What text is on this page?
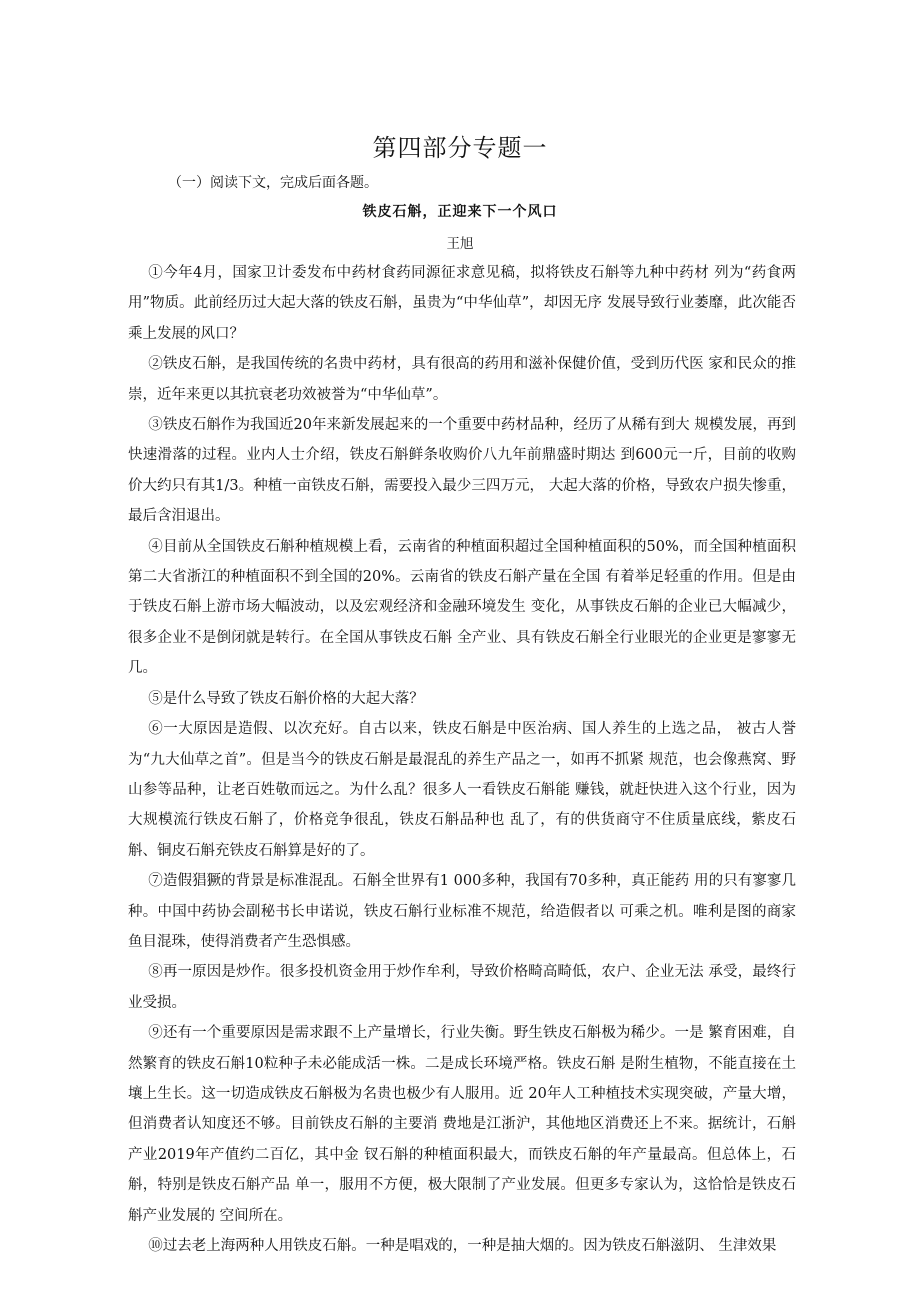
第四部分专题一
（一）阅读下文，完成后面各题。
铁皮石斛，正迎来下一个风口
王旭

①今年4月，国家卫计委发布中药材食药同源征求意见稿，拟将铁皮石斛等九种中药材 列为“药食两用”物质。此前经历过大起大落的铁皮石斛，虽贵为“中华仙草”，却因无序 发展导致行业萎靡，此次能否乘上发展的风口？

②铁皮石斛，是我国传统的名贵中药材，具有很高的药用和滋补保健价值，受到历代医 家和民众的推崇，近年来更以其抗衰老功效被誉为“中华仙草”。

③铁皮石斛作为我国近20年来新发展起来的一个重要中药材品种，经历了从稀有到大 规模发展，再到快速滑落的过程。业内人士介绍，铁皮石斛鲜条收购价八九年前鼎盛时期达 到600元一斤，目前的收购价大约只有其1/3。种植一亩铁皮石斛，需要投入最少三四万元， 大起大落的价格，导致农户损失惨重，最后含泪退出。

④目前从全国铁皮石斛种植规模上看，云南省的种植面积超过全国种植面积的50%，而全国种植面积第二大省浙江的种植面积不到全国的20%。云南省的铁皮石斛产量在全国 有着举足轻重的作用。但是由于铁皮石斛上游市场大幅波动，以及宏观经济和金融环境发生 变化，从事铁皮石斛的企业已大幅减少，很多企业不是倒闭就是转行。在全国从事铁皮石斛 全产业、具有铁皮石斛全行业眼光的企业更是寥寥无几。

⑤是什么导致了铁皮石斛价格的大起大落？

⑥一大原因是造假、以次充好。自古以来，铁皮石斛是中医治病、国人养生的上选之品， 被古人誉为“九大仙草之首”。但是当今的铁皮石斛是最混乱的养生产品之一，如再不抓紧 规范，也会像燕窝、野山参等品种，让老百姓敬而远之。为什么乱？很多人一看铁皮石斛能 赚钱，就赶快进入这个行业，因为大规模流行铁皮石斛了，价格竞争很乱，铁皮石斛品种也 乱了，有的供货商守不住质量底线，紫皮石斛、铜皮石斛充铁皮石斛算是好的了。

⑦造假猖獗的背景是标准混乱。石斛全世界有1 000多种，我国有70多种，真正能药 用的只有寥寥几种。中国中药协会副秘书长申诺说，铁皮石斛行业标准不规范，给造假者以 可乘之机。唯利是图的商家鱼目混珠，使得消费者产生恐惧感。

⑧再一原因是炒作。很多投机资金用于炒作牟利，导致价格畸高畸低，农户、企业无法 承受，最终行业受损。

⑨还有一个重要原因是需求跟不上产量增长，行业失衡。野生铁皮石斛极为稀少。一是 繁育困难，自然繁育的铁皮石斛10粒种子未必能成活一株。二是成长环境严格。铁皮石斛 是附生植物，不能直接在土壤上生长。这一切造成铁皮石斛极为名贵也极少有人服用。近 20年人工种植技术实现突破，产量大增，但消费者认知度还不够。目前铁皮石斛的主要消 费地是江浙沪，其他地区消费还上不来。据统计，石斛产业2019年产值约二百亿，其中金 钗石斛的种植面积最大，而铁皮石斛的年产量最高。但总体上，石斛，特别是铁皮石斛产品 单一，服用不方便，极大限制了产业发展。但更多专家认为，这恰恰是铁皮石斛产业发展的 空间所在。

⑩过去老上海两种人用铁皮石斛。一种是唱戏的，一种是抽大烟的。因为铁皮石斛滋阴、 生津效果
